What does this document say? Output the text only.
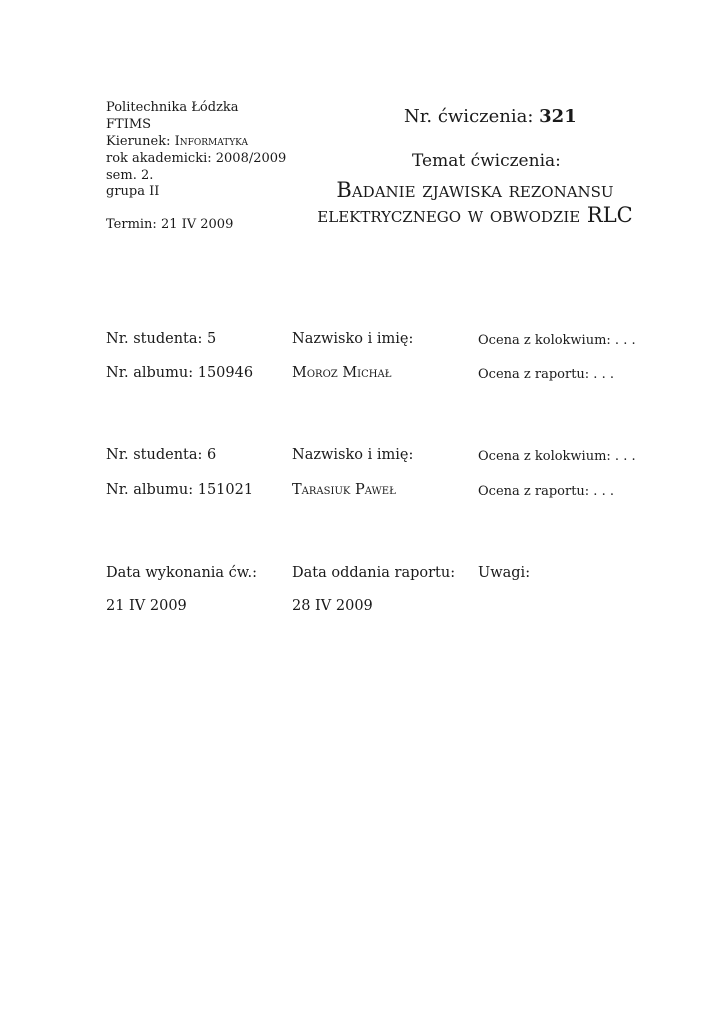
Politechnika Łódzka
FTIMS
Kierunek: Informatyka
rok akademicki: 2008/2009
sem. 2.
grupa II
Termin: 21 IV 2009
Nr. ćwiczenia: 321
Temat ćwiczenia:
Badanie zjawiska rezonansu
elektrycznego w obwodzie RLC
Nr. studenta: 5	Nazwisko i imię:	Ocena z kolokwium: . . .
Nr. albumu: 150946	Moroz Michał	Ocena z raportu: . . .
Nr. studenta: 6	Nazwisko i imię:	Ocena z kolokwium: . . .
Nr. albumu: 151021	Tarasiuk Paweł	Ocena z raportu: . . .
Data wykonania ćw.: Data oddania raportu: Uwagi:
21 IV 2009	28 IV 2009
